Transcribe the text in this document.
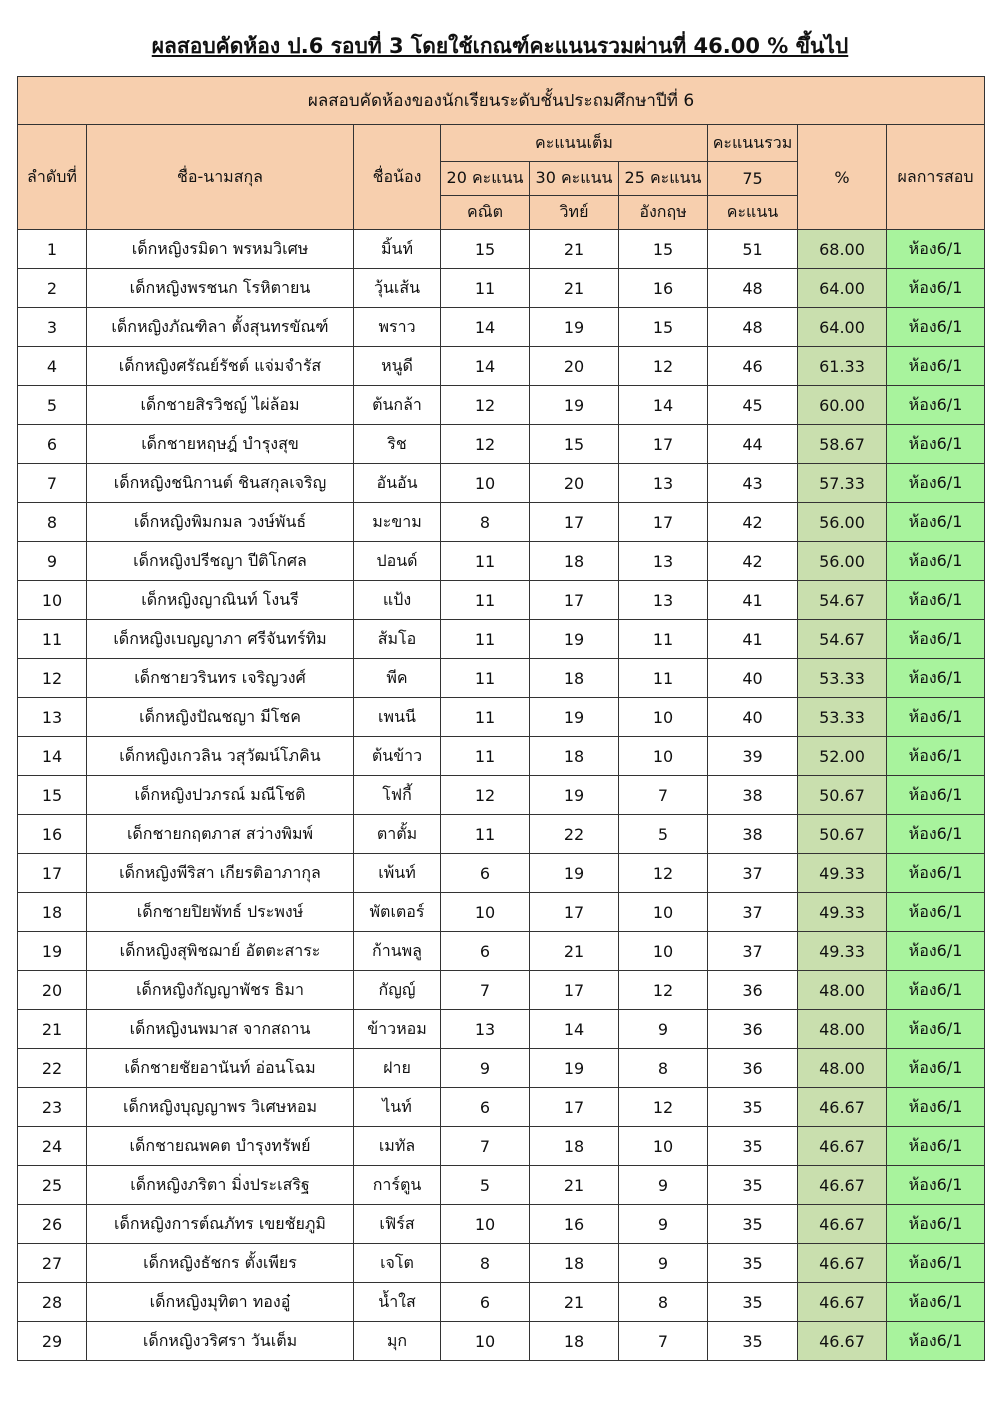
ผลสอบคัดห้อง ป.6 รอบที่ 3 โดยใช้เกณฑ์คะแนนรวมผ่านที่ 46.00 % ขึ้นไป
ผลสอบคัดห้องของนักเรียนระดับชั้นประถมศึกษาปีที่ 6								
ลำดับที่	ชื่อ-นามสกุล	ชื่อน้อง	คะแนนเต็ม			คะแนนรวม	%	ผลการสอบ
			20 คะแนน	30 คะแนน	25 คะแนน	75		
			คณิต	วิทย์	อังกฤษ	คะแนน		
1	เด็กหญิงรมิดา พรหมวิเศษ	มิ้นท์	15	21	15	51	68.00	ห้อง6/1
2	เด็กหญิงพรชนก โรหิตายน	วุ้นเส้น	11	21	16	48	64.00	ห้อง6/1
3	เด็กหญิงภัณฑิลา ตั้งสุนทรขัณฑ์	พราว	14	19	15	48	64.00	ห้อง6/1
4	เด็กหญิงศรัณย์รัชต์ แจ่มจำรัส	หนูดี	14	20	12	46	61.33	ห้อง6/1
5	เด็กชายสิรวิชญ์ ไผ่ล้อม	ต้นกล้า	12	19	14	45	60.00	ห้อง6/1
6	เด็กชายหฤษฎ์ บำรุงสุข	ริช	12	15	17	44	58.67	ห้อง6/1
7	เด็กหญิงชนิกานต์ ชินสกุลเจริญ	อันอัน	10	20	13	43	57.33	ห้อง6/1
8	เด็กหญิงพิมกมล วงษ์พันธ์	มะขาม	8	17	17	42	56.00	ห้อง6/1
9	เด็กหญิงปรีชญา ปีติโกศล	ปอนด์	11	18	13	42	56.00	ห้อง6/1
10	เด็กหญิงญาณินท์ โงนรี	แป้ง	11	17	13	41	54.67	ห้อง6/1
11	เด็กหญิงเบญญาภา ศรีจันทร์ทิม	ส้มโอ	11	19	11	41	54.67	ห้อง6/1
12	เด็กชายวรินทร เจริญวงศ์	พีค	11	18	11	40	53.33	ห้อง6/1
13	เด็กหญิงปัณชญา มีโชค	เพนนี	11	19	10	40	53.33	ห้อง6/1
14	เด็กหญิงเกวลิน วสุวัฒน์โภคิน	ต้นข้าว	11	18	10	39	52.00	ห้อง6/1
15	เด็กหญิงปวภรณ์ มณีโชติ	โฟกี้	12	19	7	38	50.67	ห้อง6/1
16	เด็กชายกฤตภาส สว่างพิมพ์	ตาตั้ม	11	22	5	38	50.67	ห้อง6/1
17	เด็กหญิงพีริสา เกียรติอาภากุล	เพ้นท์	6	19	12	37	49.33	ห้อง6/1
18	เด็กชายปิยพัทธ์ ประพงษ์	พัตเตอร์	10	17	10	37	49.33	ห้อง6/1
19	เด็กหญิงสุพิชฌาย์ อัตตะสาระ	ก้านพลู	6	21	10	37	49.33	ห้อง6/1
20	เด็กหญิงกัญญาพัชร ธิมา	กัญญ์	7	17	12	36	48.00	ห้อง6/1
21	เด็กหญิงนพมาส จากสถาน	ข้าวหอม	13	14	9	36	48.00	ห้อง6/1
22	เด็กชายชัยอานันท์ อ่อนโฉม	ฝาย	9	19	8	36	48.00	ห้อง6/1
23	เด็กหญิงบุญญาพร วิเศษหอม	ไนท์	6	17	12	35	46.67	ห้อง6/1
24	เด็กชายณพคต บำรุงทรัพย์	เมทัล	7	18	10	35	46.67	ห้อง6/1
25	เด็กหญิงภริตา มิ่งประเสริฐ	การ์ตูน	5	21	9	35	46.67	ห้อง6/1
26	เด็กหญิงการต์ณภัทร เขยชัยภูมิ	เฟิร์ส	10	16	9	35	46.67	ห้อง6/1
27	เด็กหญิงธัชกร ตั้งเพียร	เจโต	8	18	9	35	46.67	ห้อง6/1
28	เด็กหญิงมุทิตา ทองอู๋	น้ำใส	6	21	8	35	46.67	ห้อง6/1
29	เด็กหญิงวริศรา วันเต็ม	มุก	10	18	7	35	46.67	ห้อง6/1
